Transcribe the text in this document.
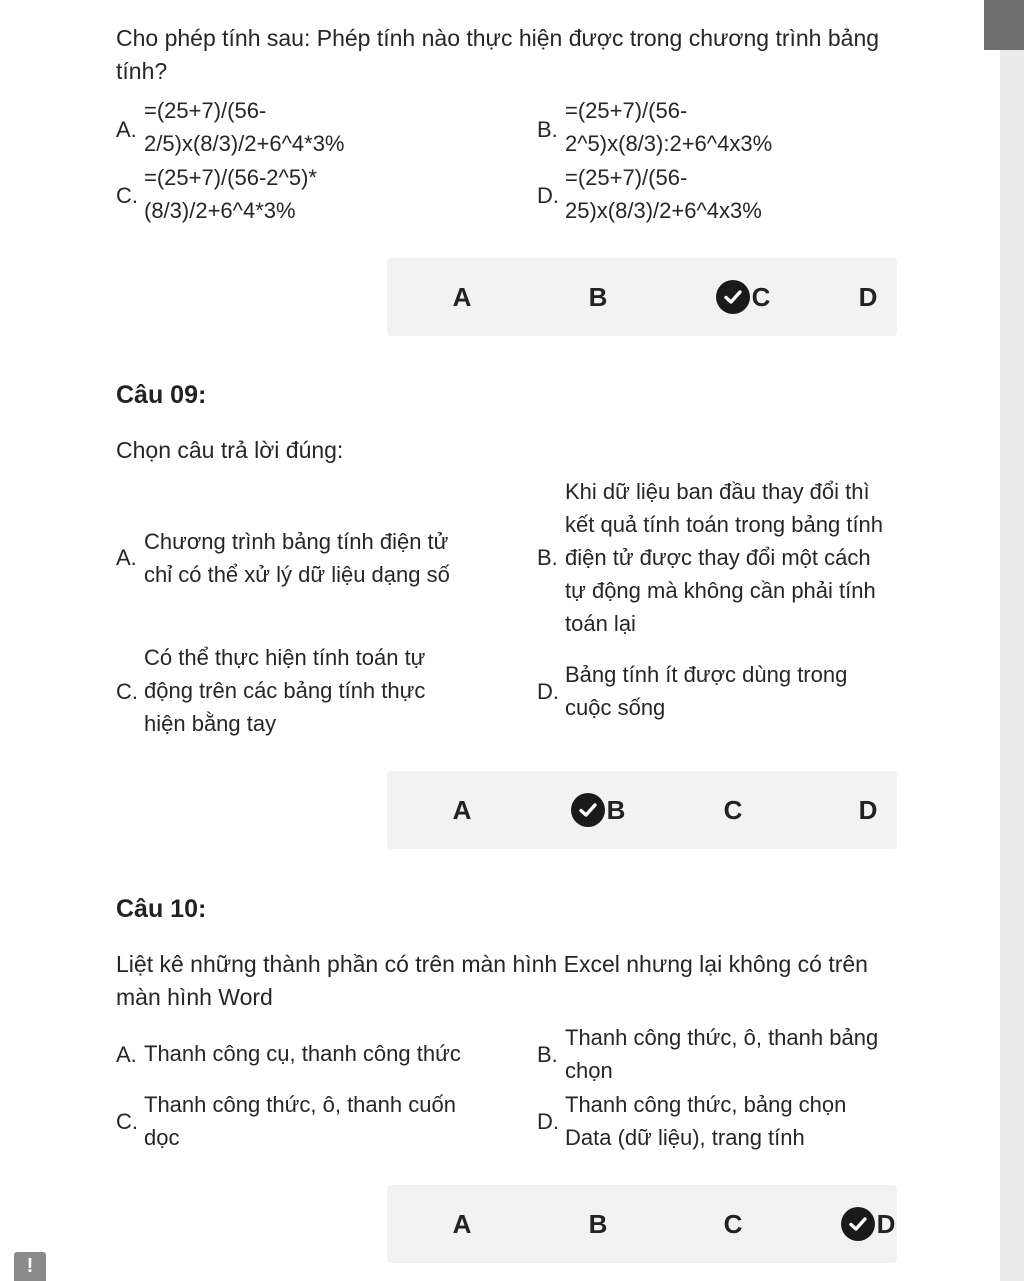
Cho phép tính sau: Phép tính nào thực hiện được trong chương trình bảng tính?
A.
=(25+7)/(56-
2/5)x(8/3)/2+6^4*3%
B.
=(25+7)/(56-
2^5)x(8/3):2+6^4x3%
C.
=(25+7)/(56-2^5)*
(8/3)/2+6^4*3%
D.
=(25+7)/(56-
25)x(8/3)/2+6^4x3%
A	B	C	D
Câu 09:
Chọn câu trả lời đúng:
A.
Chương trình bảng tính điện tử
chỉ có thể xử lý dữ liệu dạng số
B.
Khi dữ liệu ban đầu thay đổi thì
kết quả tính toán trong bảng tính
điện tử được thay đổi một cách
tự động mà không cần phải tính
toán lại
C.
Có thể thực hiện tính toán tự
động trên các bảng tính thực
hiện bằng tay
D.
Bảng tính ít được dùng trong
cuộc sống
A	B	C	D
Câu 10:
Liệt kê những thành phần có trên màn hình Excel nhưng lại không có trên
màn hình Word
A. Thanh công cụ, thanh công thức	B.
Thanh công thức, ô, thanh bảng
chọn
C.
Thanh công thức, ô, thanh cuốn
dọc
D.
Thanh công thức, bảng chọn
Data (dữ liệu), trang tính
A	B	C	D
!
